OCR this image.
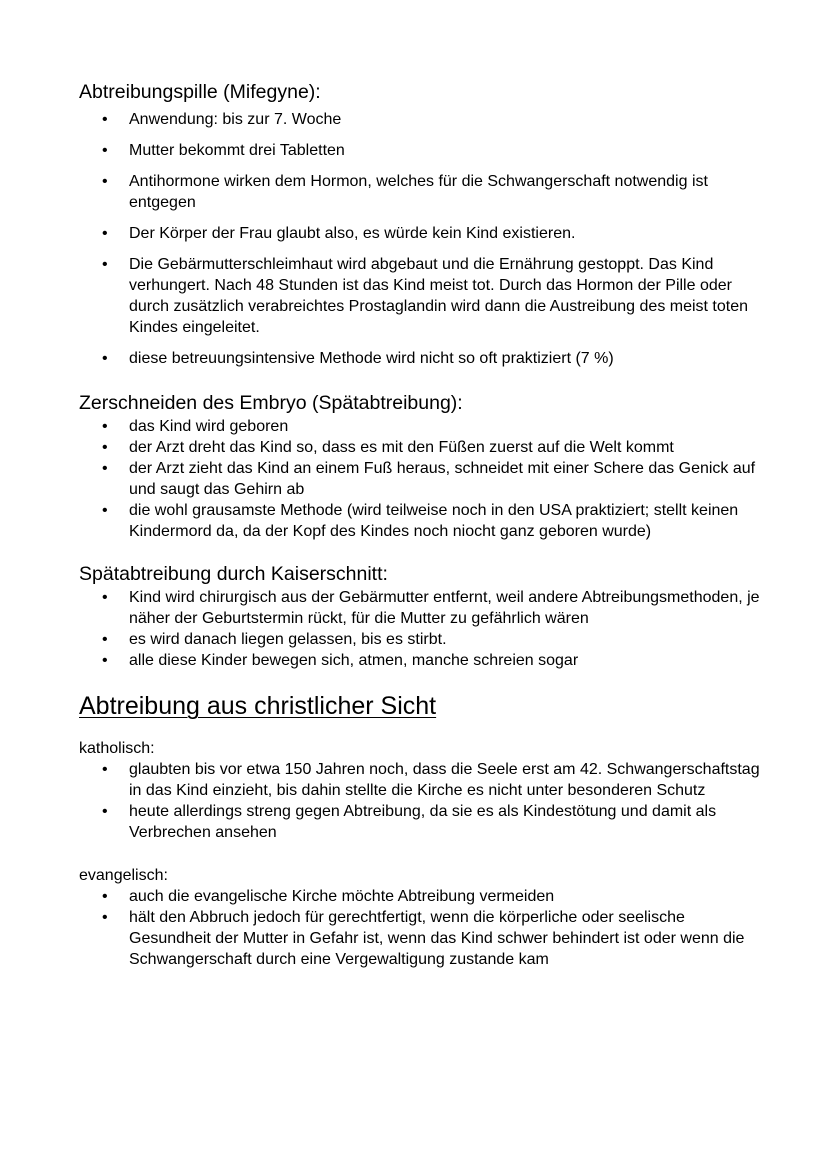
Abtreibungspille (Mifegyne):
• Anwendung: bis zur 7. Woche
• Mutter bekommt drei Tabletten
• Antihormone wirken dem Hormon, welches für die Schwangerschaft notwendig ist entgegen
• Der Körper der Frau glaubt also, es würde kein Kind existieren.
• Die Gebärmutterschleimhaut wird abgebaut und die Ernährung gestoppt. Das Kind verhungert. Nach 48 Stunden ist das Kind meist tot. Durch das Hormon der Pille oder durch zusätzlich verabreichtes Prostaglandin wird dann die Austreibung des meist toten Kindes eingeleitet.
• diese betreuungsintensive Methode wird nicht so oft praktiziert (7 %)
Zerschneiden des Embryo (Spätabtreibung):
• das Kind wird geboren
• der Arzt dreht das Kind so, dass es mit den Füßen zuerst auf die Welt kommt
• der Arzt zieht das Kind an einem Fuß heraus, schneidet mit einer Schere das Genick auf und saugt das Gehirn ab
• die wohl grausamste Methode (wird teilweise noch in den USA praktiziert; stellt keinen Kindermord da, da der Kopf des Kindes noch niocht ganz geboren wurde)
Spätabtreibung durch Kaiserschnitt:
• Kind wird chirurgisch aus der Gebärmutter entfernt, weil andere Abtreibungsmethoden, je näher der Geburtstermin rückt, für die Mutter zu gefährlich wären
• es wird danach liegen gelassen, bis es stirbt.
• alle diese Kinder bewegen sich, atmen, manche schreien sogar
Abtreibung aus christlicher Sicht

katholisch:

• glaubten bis vor etwa 150 Jahren noch, dass die Seele erst am 42. Schwangerschaftstag in das Kind einzieht, bis dahin stellte die Kirche es nicht unter besonderen Schutz
• heute allerdings streng gegen Abtreibung, da sie es als Kindestötung und damit als Verbrechen ansehen

evangelisch:

• auch die evangelische Kirche möchte Abtreibung vermeiden
• hält den Abbruch jedoch für gerechtfertigt, wenn die körperliche oder seelische Gesundheit der Mutter in Gefahr ist, wenn das Kind schwer behindert ist oder wenn die Schwangerschaft durch eine Vergewaltigung zustande kam
